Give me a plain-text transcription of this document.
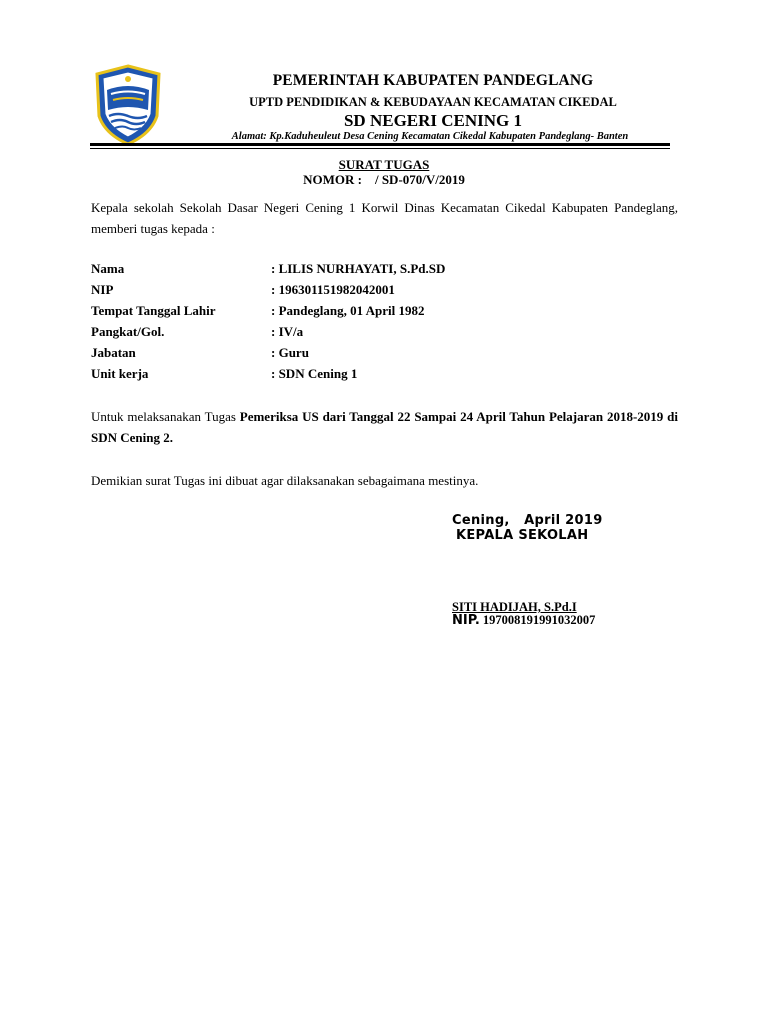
PEMERINTAH KABUPATEN PANDEGLANG
UPTD PENDIDIKAN & KEBUDAYAAN KECAMATAN CIKEDAL
SD NEGERI CENING 1
Alamat: Kp.Kaduheuleut Desa Cening Kecamatan Cikedal Kabupaten Pandeglang- Banten
SURAT TUGAS
NOMOR :    / SD-070/V/2019
Kepala sekolah Sekolah Dasar Negeri Cening 1 Korwil Dinas Kecamatan Cikedal Kabupaten Pandeglang, memberi tugas kepada :
Nama	: LILIS NURHAYATI, S.Pd.SD
NIP	: 196301151982042001
Tempat Tanggal Lahir	: Pandeglang, 01 April 1982
Pangkat/Gol.	: IV/a
Jabatan	: Guru
Unit kerja	: SDN Cening 1
Untuk melaksanakan Tugas Pemeriksa US dari Tanggal 22 Sampai 24 April Tahun Pelajaran 2018-2019 di SDN Cening 2.
Demikian surat Tugas ini dibuat agar dilaksanakan sebagaimana mestinya.
Cening,   April 2019
KEPALA SEKOLAH
SITI HADIJAH, S.Pd.I
NIP. 197008191991032007
